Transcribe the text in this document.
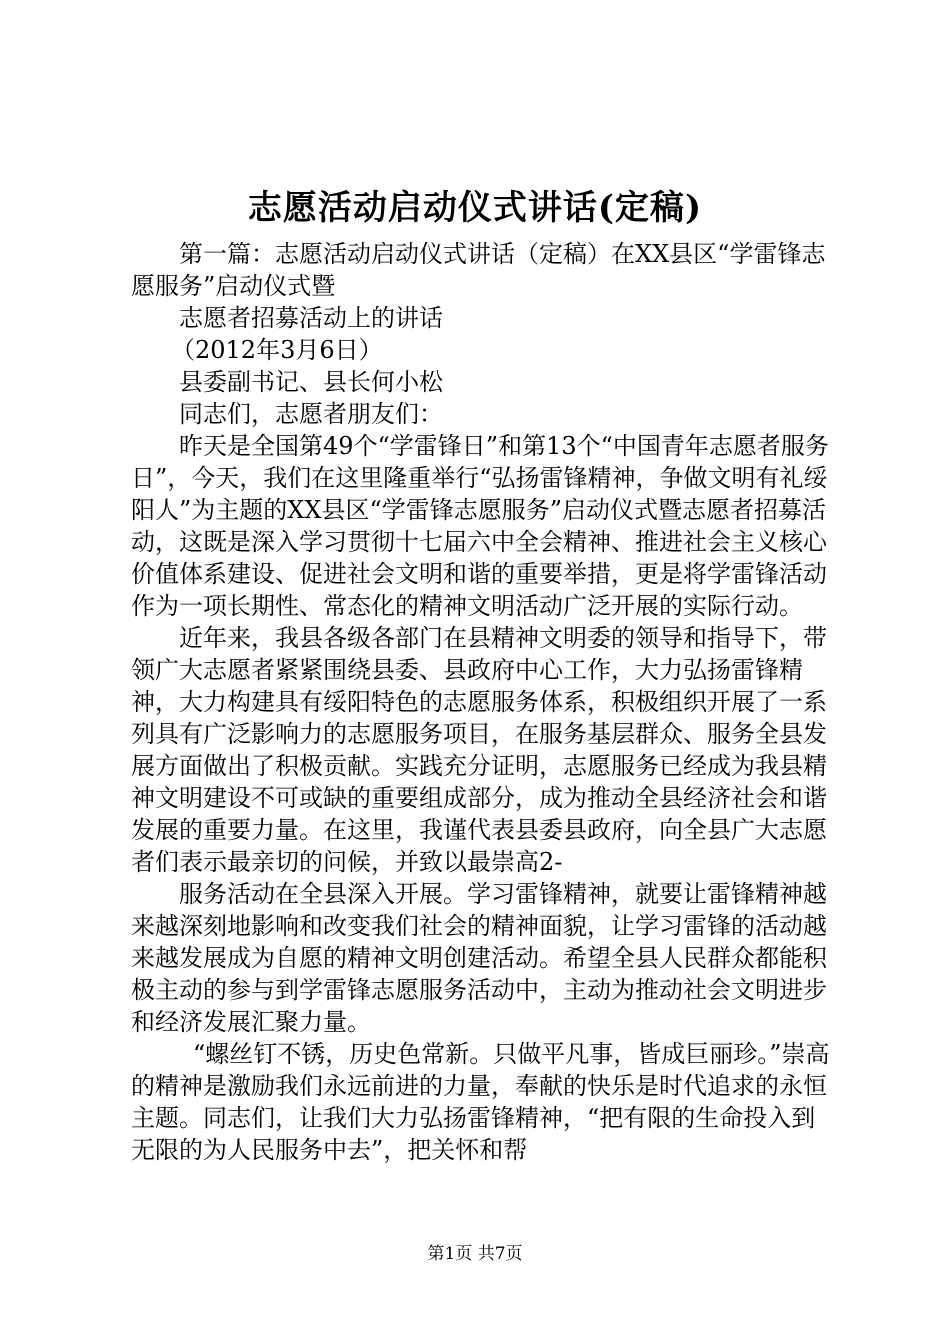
志愿活动启动仪式讲话(定稿)

第一篇：志愿活动启动仪式讲话（定稿）在XX县区“学雷锋志愿服务”启动仪式暨

志愿者招募活动上的讲话

（2012年3月6日）

县委副书记、县长何小松

同志们，志愿者朋友们：

昨天是全国第49个“学雷锋日”和第13个“中国青年志愿者服务日”，今天，我们在这里隆重举行“弘扬雷锋精神，争做文明有礼绥阳人”为主题的XX县区“学雷锋志愿服务”启动仪式暨志愿者招募活动，这既是深入学习贯彻十七届六中全会精神、推进社会主义核心价值体系建设、促进社会文明和谐的重要举措，更是将学雷锋活动作为一项长期性、常态化的精神文明活动广泛开展的实际行动。

近年来，我县各级各部门在县精神文明委的领导和指导下，带领广大志愿者紧紧围绕县委、县政府中心工作，大力弘扬雷锋精神，大力构建具有绥阳特色的志愿服务体系，积极组织开展了一系列具有广泛影响力的志愿服务项目，在服务基层群众、服务全县发展方面做出了积极贡献。实践充分证明，志愿服务已经成为我县精神文明建设不可或缺的重要组成部分，成为推动全县经济社会和谐发展的重要力量。在这里，我谨代表县委县政府，向全县广大志愿者们表示最亲切的问候，并致以最崇高2-

服务活动在全县深入开展。学习雷锋精神，就要让雷锋精神越来越深刻地影响和改变我们社会的精神面貌，让学习雷锋的活动越来越发展成为自愿的精神文明创建活动。希望全县人民群众都能积极主动的参与到学雷锋志愿服务活动中，主动为推动社会文明进步和经济发展汇聚力量。

“螺丝钉不锈，历史色常新。只做平凡事，皆成巨丽珍。”崇高的精神是激励我们永远前进的力量，奉献的快乐是时代追求的永恒主题。同志们，让我们大力弘扬雷锋精神，“把有限的生命投入到无限的为人民服务中去”，把关怀和帮

第1页 共7页
